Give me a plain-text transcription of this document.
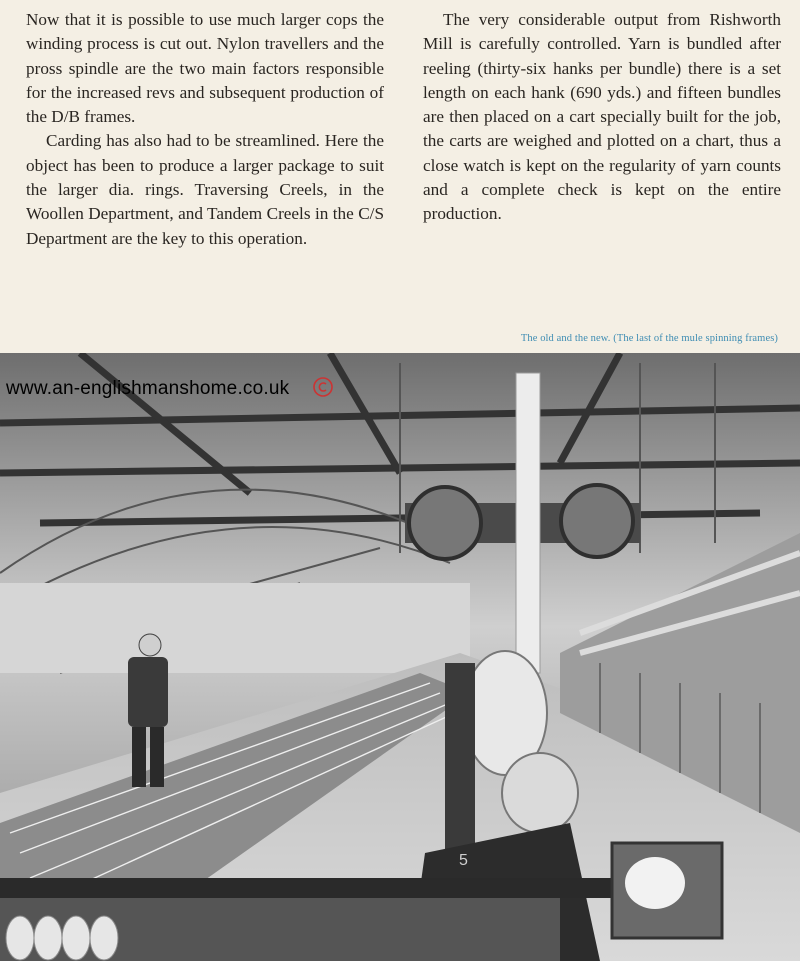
Now that it is possible to use much larger cops the winding process is cut out. Nylon travellers and the pross spindle are the two main factors responsible for the increased revs and subsequent production of the D/B frames.

Carding has also had to be streamlined. Here the object has been to produce a larger package to suit the larger dia. rings. Traversing Creels, in the Woollen Department, and Tandem Creels in the C/S Department are the key to this operation.

The very considerable output from Rishworth Mill is carefully controlled. Yarn is bundled after reeling (thirty-six hanks per bundle) there is a set length on each hank (690 yds.) and fifteen bundles are then placed on a cart specially built for the job, the carts are weighed and plotted on a chart, thus a close watch is kept on the regularity of yarn counts and a complete check is kept on the entire production.

The old and the new. (The last of the mule spinning frames)
5
www.an-englishmanshome.co.uk
